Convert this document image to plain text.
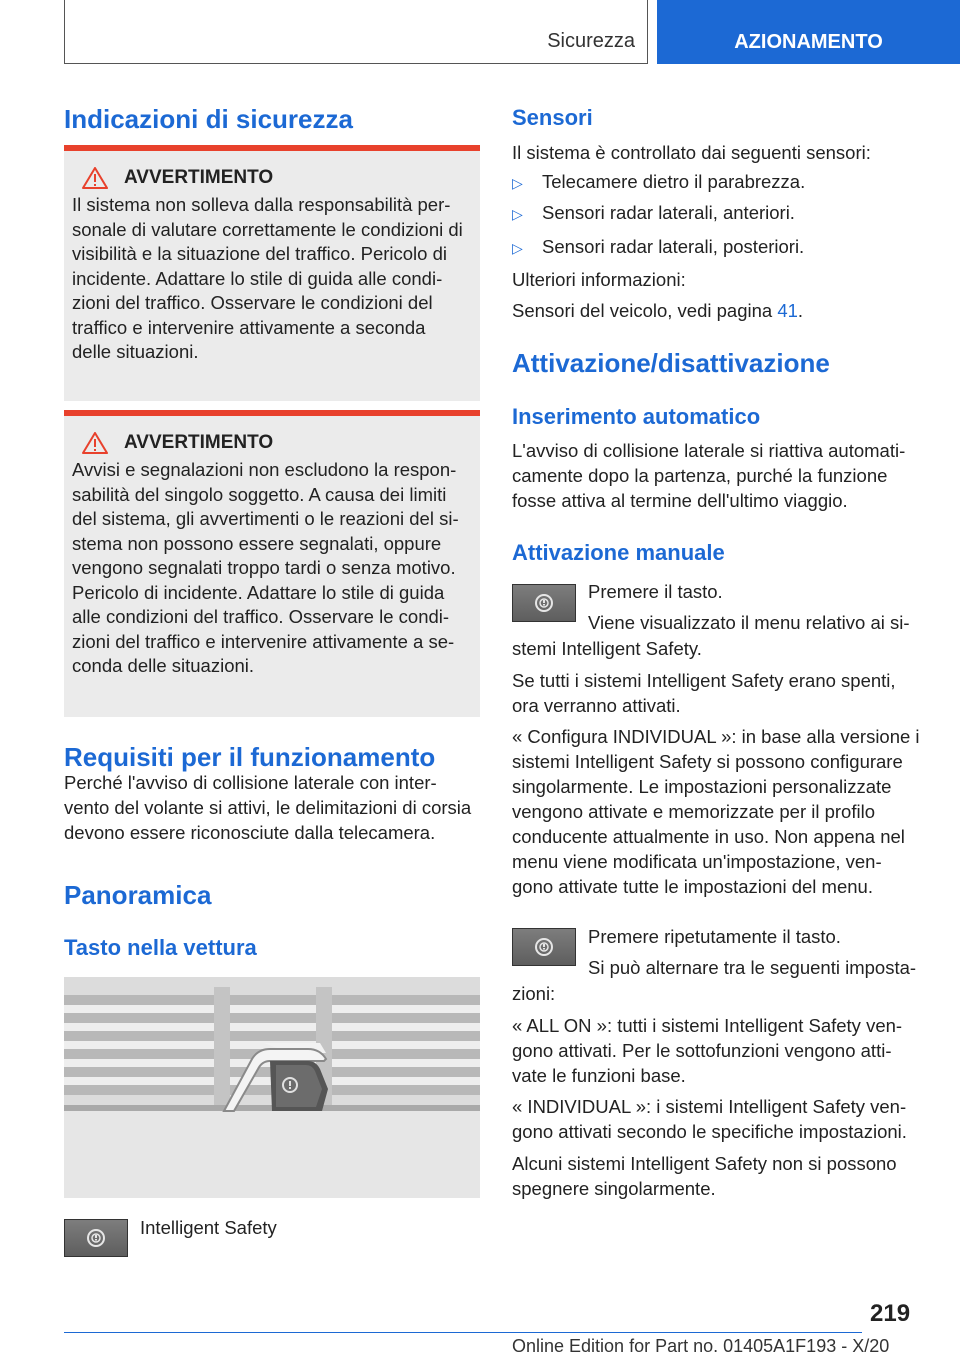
Sicurezza	AZIONAMENTO
Indicazioni di sicurezza
AVVERTIMENTO
Il sistema non solleva dalla responsabilità per-
sonale di valutare correttamente le condizioni di
visibilità e la situazione del traffico. Pericolo di
incidente. Adattare lo stile di guida alle condi-
zioni del traffico. Osservare le condizioni del
traffico e intervenire attivamente a seconda
delle situazioni.
AVVERTIMENTO
Avvisi e segnalazioni non escludono la respon-
sabilità del singolo soggetto. A causa dei limiti
del sistema, gli avvertimenti o le reazioni del si-
stema non possono essere segnalati, oppure
vengono segnalati troppo tardi o senza motivo.
Pericolo di incidente. Adattare lo stile di guida
alle condizioni del traffico. Osservare le condi-
zioni del traffico e intervenire attivamente a se-
conda delle situazioni.
Requisiti per il funzionamento
Perché l'avviso di collisione laterale con inter-
vento del volante si attivi, le delimitazioni di corsia
devono essere riconosciute dalla telecamera.
Panoramica
Tasto nella vettura
Intelligent Safety
Sensori
Il sistema è controllato dai seguenti sensori:
▷	Telecamere dietro il parabrezza.
▷	Sensori radar laterali, anteriori.
▷	Sensori radar laterali, posteriori.
Ulteriori informazioni:
Sensori del veicolo, vedi pagina 41.
Attivazione/disattivazione
Inserimento automatico
L'avviso di collisione laterale si riattiva automati-
camente dopo la partenza, purché la funzione
fosse attiva al termine dell'ultimo viaggio.
Attivazione manuale
Premere il tasto.
Viene visualizzato il menu relativo ai si-
stemi Intelligent Safety.
Se tutti i sistemi Intelligent Safety erano spenti,
ora verranno attivati.
« Configura INDIVIDUAL »: in base alla versione i
sistemi Intelligent Safety si possono configurare
singolarmente. Le impostazioni personalizzate
vengono attivate e memorizzate per il profilo
conducente attualmente in uso. Non appena nel
menu viene modificata un'impostazione, ven-
gono attivate tutte le impostazioni del menu.
Premere ripetutamente il tasto.
Si può alternare tra le seguenti imposta-
zioni:
« ALL ON »: tutti i sistemi Intelligent Safety ven-
gono attivati. Per le sottofunzioni vengono atti-
vate le funzioni base.
« INDIVIDUAL »: i sistemi Intelligent Safety ven-
gono attivati secondo le specifiche impostazioni.
Alcuni sistemi Intelligent Safety non si possono
spegnere singolarmente.
219
Online Edition for Part no. 01405A1F193 - X/20
